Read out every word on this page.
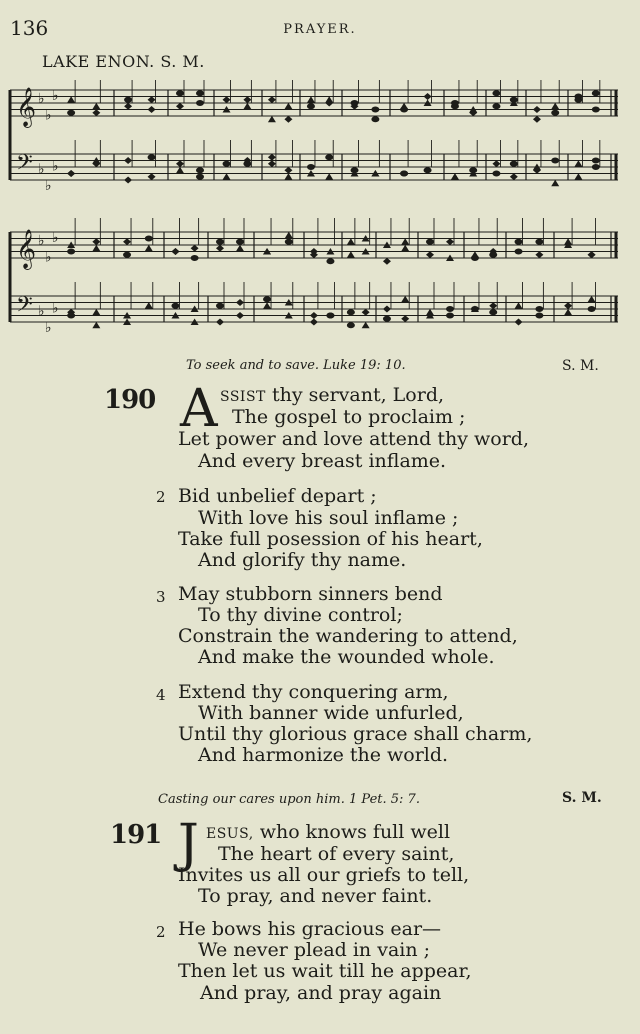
136	PRAYER.
LAKE ENON. S. M.
𝄞 ♭
♭
♭
𝄢 ♭
♭
♭
𝄞 ♭
♭
♭
𝄢 ♭
♭
♭
To seek and to save. Luke 19: 10.	S. M.
190 A SSIST thy servant, Lord,
The gospel to proclaim ;
Let power and love attend thy word,
And every breast inflame.
2 Bid unbelief depart ;
With love his soul inflame ;
Take full posession of his heart,
And glorify thy name.
3 May stubborn sinners bend
To thy divine control;
Constrain the wandering to attend,
And make the wounded whole.
4 Extend thy conquering arm,
With banner wide unfurled,
Until thy glorious grace shall charm,
And harmonize the world.
Casting our cares upon him. 1 Pet. 5: 7.	S. M.
191 J ESUS, who knows full well
The heart of every saint,
Invites us all our griefs to tell,
To pray, and never faint.
2 He bows his gracious ear—
We never plead in vain ;
Then let us wait till he appear,
And pray, and pray again
